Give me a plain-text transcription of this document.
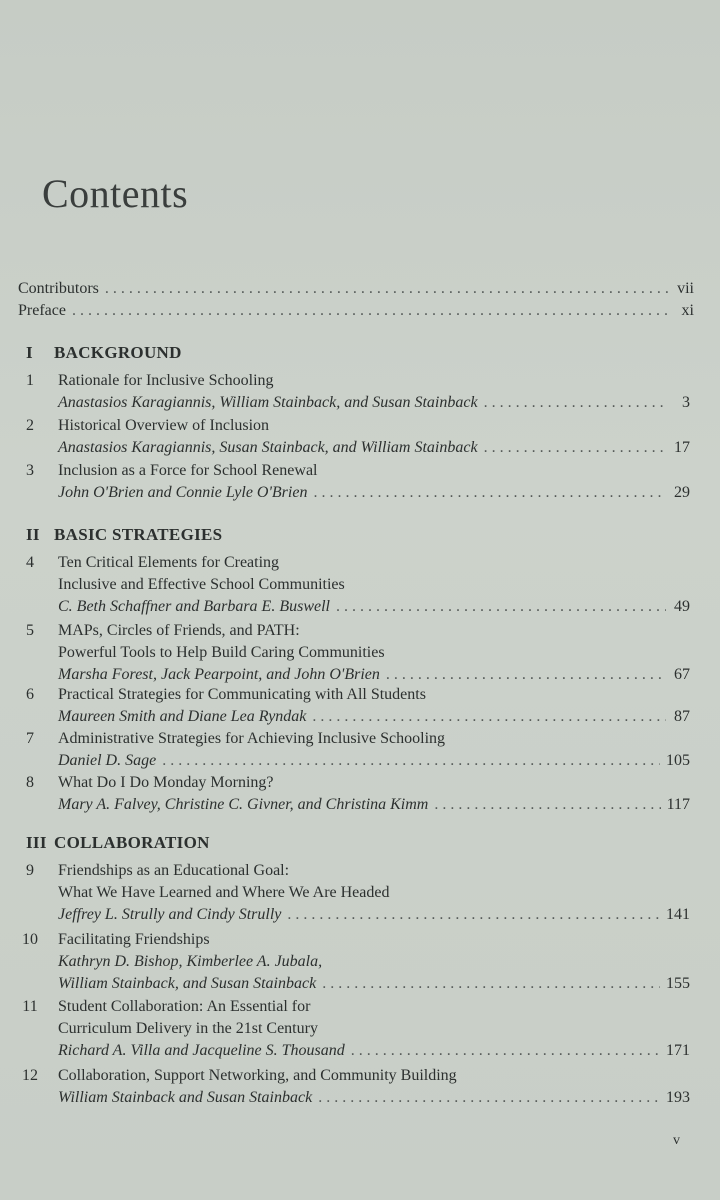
Contents
Contributors . . .	vii
Preface . . .	xi
I BACKGROUND
1	Rationale for Inclusive Schooling
Anastasios Karagiannis, William Stainback, and Susan Stainback . . .	3
2	Historical Overview of Inclusion
Anastasios Karagiannis, Susan Stainback, and William Stainback . . .	17
3	Inclusion as a Force for School Renewal
John O'Brien and Connie Lyle O'Brien . . .	29
II BASIC STRATEGIES
4	Ten Critical Elements for Creating
Inclusive and Effective School Communities
C. Beth Schaffner and Barbara E. Buswell . . .	49
5	MAPs, Circles of Friends, and PATH:
Powerful Tools to Help Build Caring Communities
Marsha Forest, Jack Pearpoint, and John O'Brien . . .	67
6	Practical Strategies for Communicating with All Students
Maureen Smith and Diane Lea Ryndak . . .	87
7	Administrative Strategies for Achieving Inclusive Schooling
Daniel D. Sage . . .	105
8	What Do I Do Monday Morning?
Mary A. Falvey, Christine C. Givner, and Christina Kimm . . .	117
III COLLABORATION
9	Friendships as an Educational Goal:
What We Have Learned and Where We Are Headed
Jeffrey L. Strully and Cindy Strully . . .	141
10 Facilitating Friendships
Kathryn D. Bishop, Kimberlee A. Jubala,
William Stainback, and Susan Stainback . . .	155
11 Student Collaboration: An Essential for
Curriculum Delivery in the 21st Century
Richard A. Villa and Jacqueline S. Thousand . . .	171
12 Collaboration, Support Networking, and Community Building
William Stainback and Susan Stainback . . .	193
v
